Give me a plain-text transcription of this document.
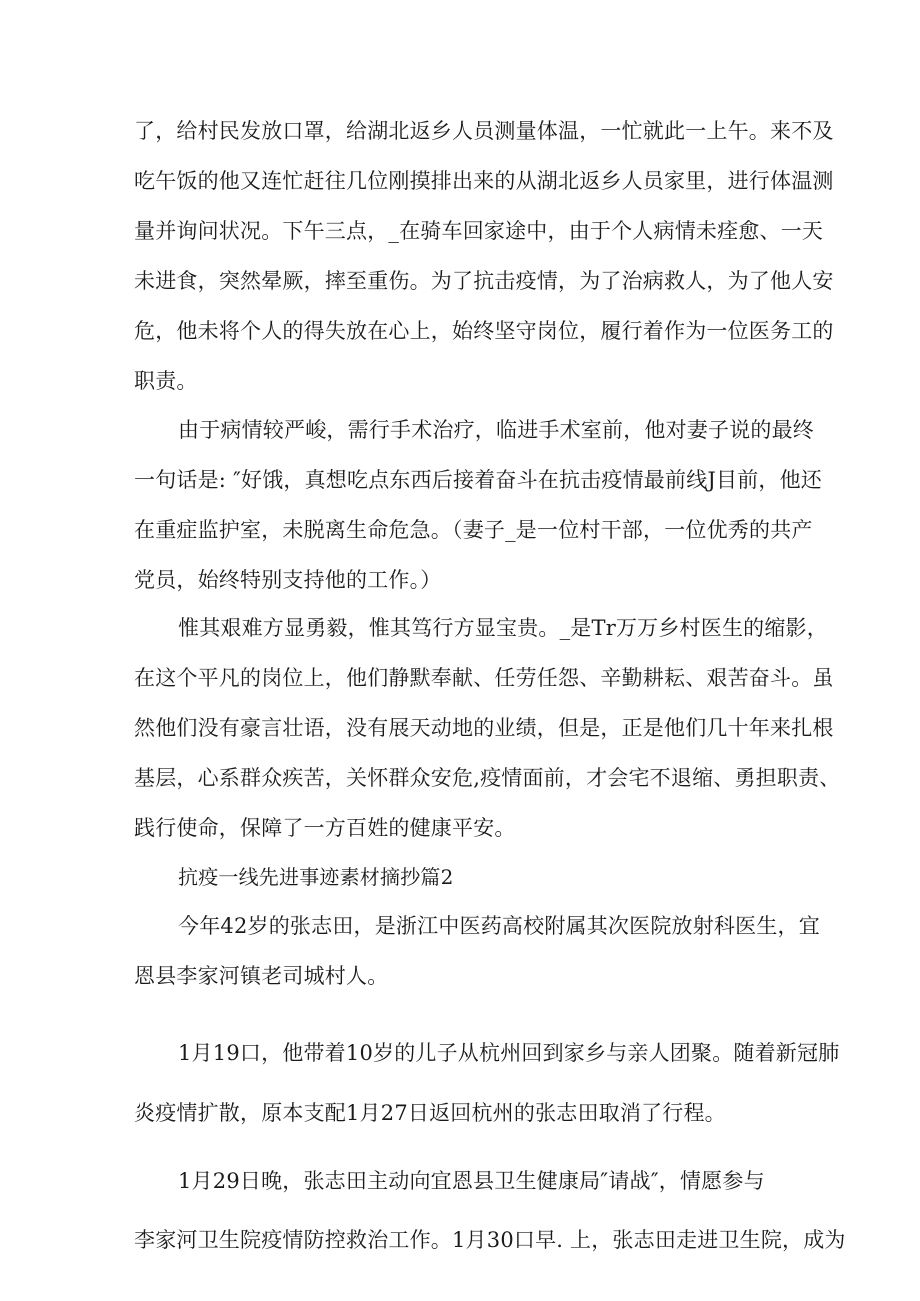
了，给村民发放口罩，给湖北返乡人员测量体温，一忙就此一上午。来不及
吃午饭的他又连忙赶往几位刚摸排出来的从湖北返乡人员家里，进行体温测
量并询问状况。下午三点，_在骑车回家途中，由于个人病情未痊愈、一天
未进食，突然晕厥，摔至重伤。为了抗击疫情，为了治病救人，为了他人安
危，他未将个人的得失放在心上，始终坚守岗位，履行着作为一位医务工的
职责。
由于病情较严峻，需行手术治疗，临进手术室前，他对妻子说的最终
一句话是: ″好饿，真想吃点东西后接着奋斗在抗击疫情最前线J目前，他还
在重症监护室，未脱离生命危急。（妻子_是一位村干部，一位优秀的共产
党员，始终特别支持他的工作。）
惟其艰难方显勇毅，惟其笃行方显宝贵。_是Tr万万乡村医生的缩影，
在这个平凡的岗位上，他们静默奉献、任劳任怨、辛勤耕耘、艰苦奋斗。虽
然他们没有豪言壮语，没有展天动地的业绩，但是，正是他们几十年来扎根
基层，心系群众疾苦，关怀群众安危,疫情面前，才会宅不退缩、勇担职责、
践行使命，保障了一方百姓的健康平安。
抗疫一线先进事迹素材摘抄篇2
今年42岁的张志田，是浙江中医药高校附属其次医院放射科医生，宜
恩县李家河镇老司城村人。
1月19口，他带着10岁的儿子从杭州回到家乡与亲人团聚。随着新冠肺
炎疫情扩散，原本支配1月27日返回杭州的张志田取消了行程。
1月29日晚，张志田主动向宜恩县卫生健康局″请战″，情愿参与
李家河卫生院疫情防控救治工作。1月30口早. 上，张志田走进卫生院，成为
